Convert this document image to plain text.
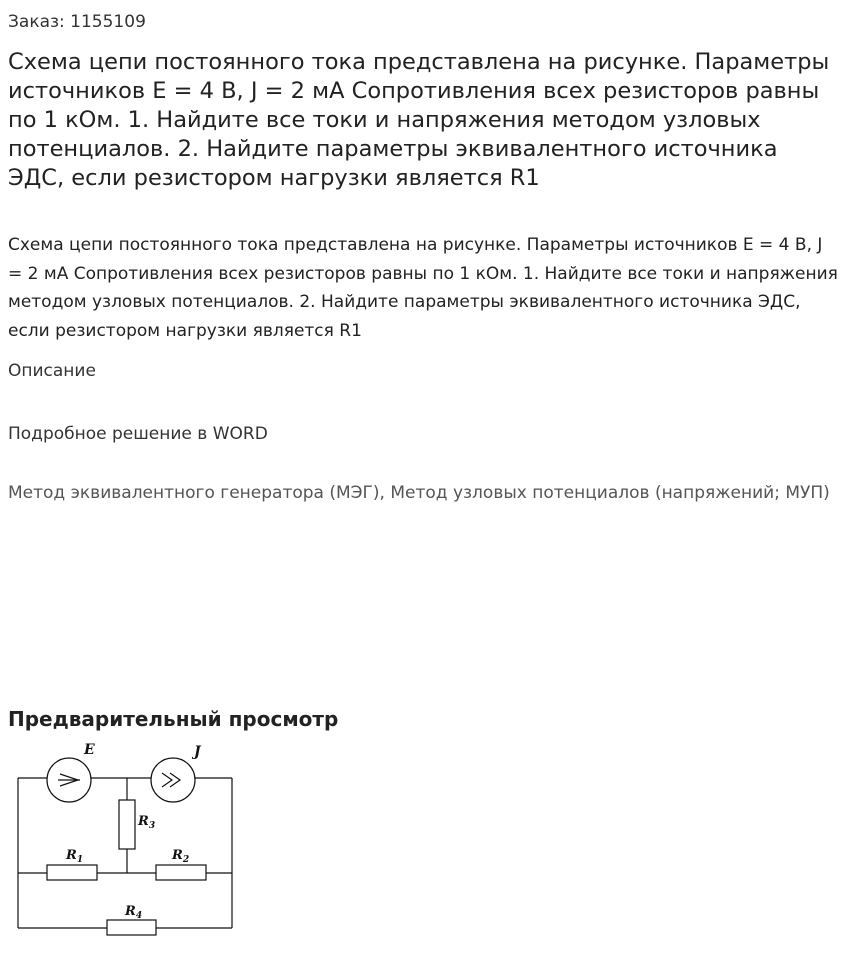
Заказ: 1155109
Схема цепи постоянного тока представлена на рисунке. Параметры источников E = 4 В, J = 2 мА Сопротивления всех резисторов равны по 1 кОм. 1. Найдите все токи и напряжения методом узловых потенциалов. 2. Найдите параметры эквивалентного источника ЭДС, если резистором нагрузки является R1
Схема цепи постоянного тока представлена на рисунке. Параметры источников E = 4 В, J = 2 мА Сопротивления всех резисторов равны по 1 кОм. 1. Найдите все токи и напряжения методом узловых потенциалов. 2. Найдите параметры эквивалентного источника ЭДС, если резистором нагрузки является R1
Описание
Подробное решение в WORD
Метод эквивалентного генератора (МЭГ), Метод узловых потенциалов (напряжений; МУП)
Предварительный просмотр
E	J
$R_3$
$R_1$	$R_2$
$R_4$
